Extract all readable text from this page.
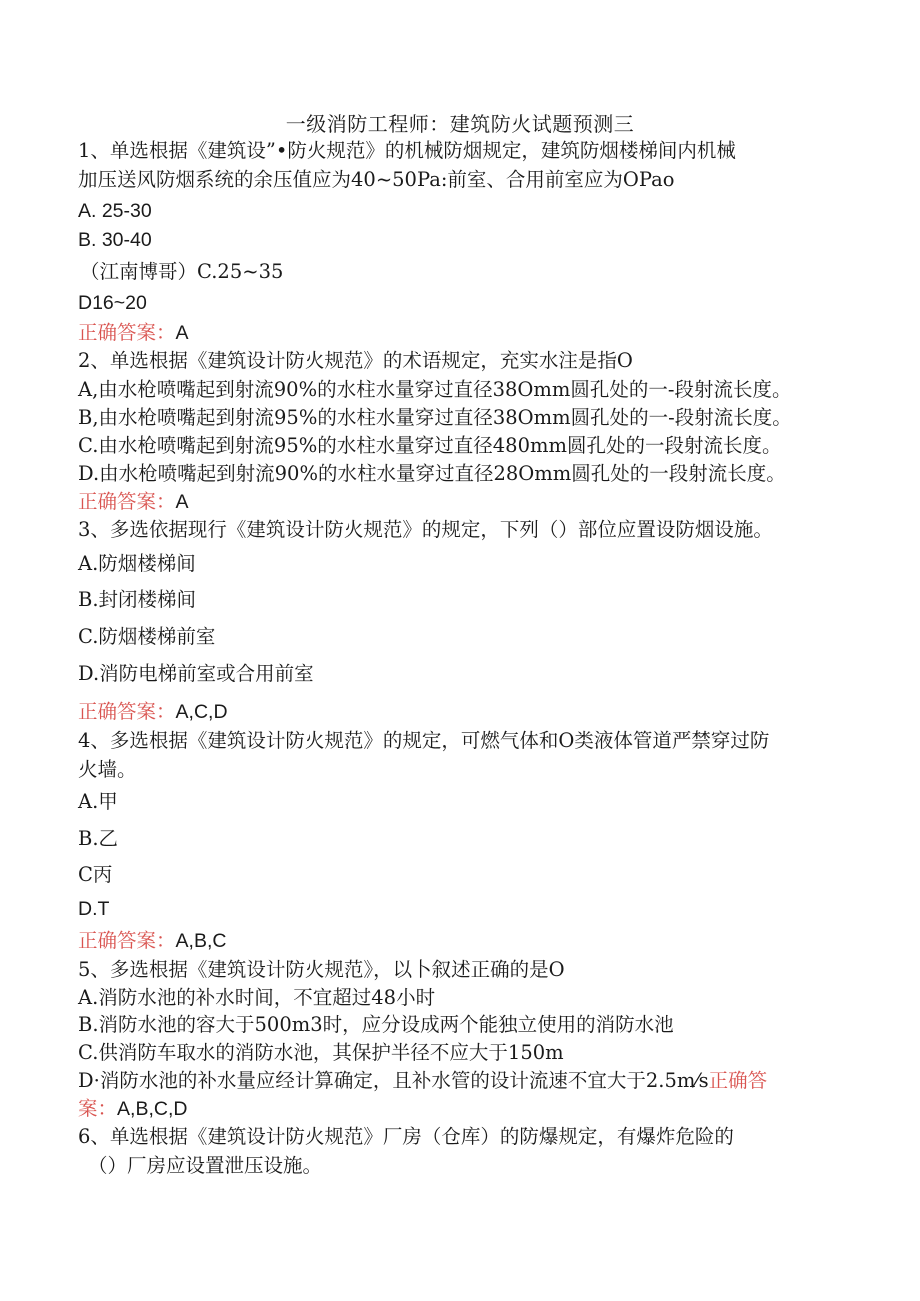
一级消防工程师：建筑防火试题预测三
1、单选根据《建筑设”•防火规范》的机械防烟规定，建筑防烟楼梯间内机械
加压送风防烟系统的余压值应为40~50Pa:前室、合用前室应为OPao
A. 25-30
B. 30-40
（江南博哥）C.25~35
D16~20
正确答案：A
2、单选根据《建筑设计防火规范》的术语规定，充实水注是指O
A,由水枪喷嘴起到射流90%的水柱水量穿过直径38Omm圆孔处的一-段射流长度。
B,由水枪喷嘴起到射流95%的水柱水量穿过直径38Omm圆孔处的一-段射流长度。
C.由水枪喷嘴起到射流95%的水柱水量穿过直径480mm圆孔处的一段射流长度。
D.由水枪喷嘴起到射流90%的水柱水量穿过直径28Omm圆孔处的一段射流长度。
正确答案：A
3、多选依据现行《建筑设计防火规范》的规定，下列（）部位应置设防烟设施。
A.防烟楼梯间
B.封闭楼梯间
C.防烟楼梯前室
D.消防电梯前室或合用前室
正确答案：A,C,D
4、多选根据《建筑设计防火规范》的规定，可燃气体和O类液体管道严禁穿过防
火墙。
A.甲
B.乙
C丙
D.T
正确答案：A,B,C
5、多选根据《建筑设计防火规范》，以卜叙述正确的是O
A.消防水池的补水时间，不宜超过48小时
B.消防水池的容大于500m3时，应分设成两个能独立使用的消防水池
C.供消防车取水的消防水池，其保护半径不应大于150m
D·消防水池的补水量应经计算确定，且补水管的设计流速不宜大于2.5m⁄s正确答
案：A,B,C,D
6、单选根据《建筑设计防火规范》厂房（仓库）的防爆规定，有爆炸危险的
（）厂房应设置泄压设施。
